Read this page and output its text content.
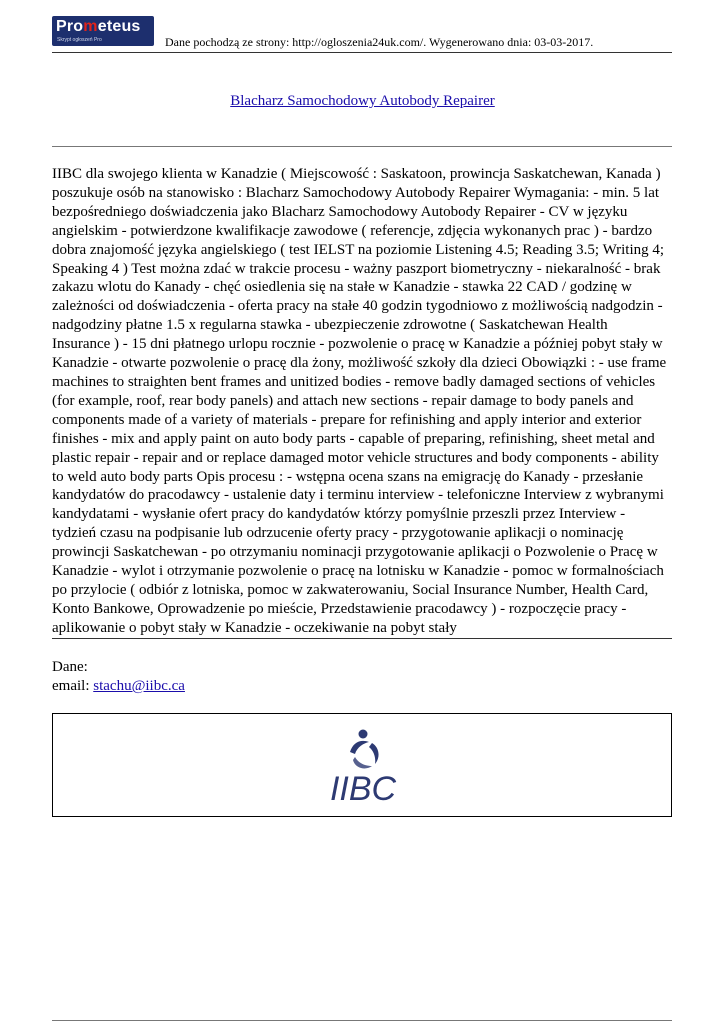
Prometeus
Skrypt ogłoszeń Pro	Dane pochodzą ze strony: http://ogloszenia24uk.com/. Wygenerowano dnia: 03-03-2017.
Blacharz Samochodowy Autobody Repairer

IIBC dla swojego klienta w Kanadzie ( Miejscowość : Saskatoon, prowincja Saskatchewan, Kanada ) poszukuje osób na stanowisko : Blacharz Samochodowy Autobody Repairer Wymagania: - min. 5 lat bezpośredniego doświadczenia jako Blacharz Samochodowy Autobody Repairer - CV w języku angielskim - potwierdzone kwalifikacje zawodowe ( referencje, zdjęcia wykonanych prac ) - bardzo dobra znajomość języka angielskiego ( test IELST na poziomie Listening 4.5; Reading 3.5; Writing 4; Speaking 4 ) Test można zdać w trakcie procesu - ważny paszport biometryczny - niekaralność - brak zakazu wlotu do Kanady - chęć osiedlenia się na stałe w Kanadzie - stawka 22 CAD / godzinę w zależności od doświadczenia - oferta pracy na stałe 40 godzin tygodniowo z możliwością nadgodzin - nadgodziny płatne 1.5 x regularna stawka - ubezpieczenie zdrowotne ( Saskatchewan Health Insurance ) - 15 dni płatnego urlopu rocznie - pozwolenie o pracę w Kanadzie a później pobyt stały w Kanadzie - otwarte pozwolenie o pracę dla żony, możliwość szkoły dla dzieci Obowiązki : - use frame machines to straighten bent frames and unitized bodies - remove badly damaged sections of vehicles (for example, roof, rear body panels) and attach new sections - repair damage to body panels and components made of a variety of materials - prepare for refinishing and apply interior and exterior finishes - mix and apply paint on auto body parts - capable of preparing, refinishing, sheet metal and plastic repair - repair and or replace damaged motor vehicle structures and body components - ability to weld auto body parts Opis procesu : - wstępna ocena szans na emigrację do Kanady - przesłanie kandydatów do pracodawcy - ustalenie daty i terminu interview - telefoniczne Interview z wybranymi kandydatami - wysłanie ofert pracy do kandydatów którzy pomyślnie przeszli przez Interview - tydzień czasu na podpisanie lub odrzucenie oferty pracy - przygotowanie aplikacji o nominację prowincji Saskatchewan - po otrzymaniu nominacji przygotowanie aplikacji o Pozwolenie o Pracę w Kanadzie - wylot i otrzymanie pozwolenie o pracę na lotnisku w Kanadzie - pomoc w formalnościach po przylocie ( odbiór z lotniska, pomoc w zakwaterowaniu, Social Insurance Number, Health Card, Konto Bankowe, Oprowadzenie po mieście, Przedstawienie pracodawcy ) - rozpoczęcie pracy - aplikowanie o pobyt stały w Kanadzie - oczekiwanie na pobyt stały

Dane:
email: stachu@iibc.ca
IIBC
